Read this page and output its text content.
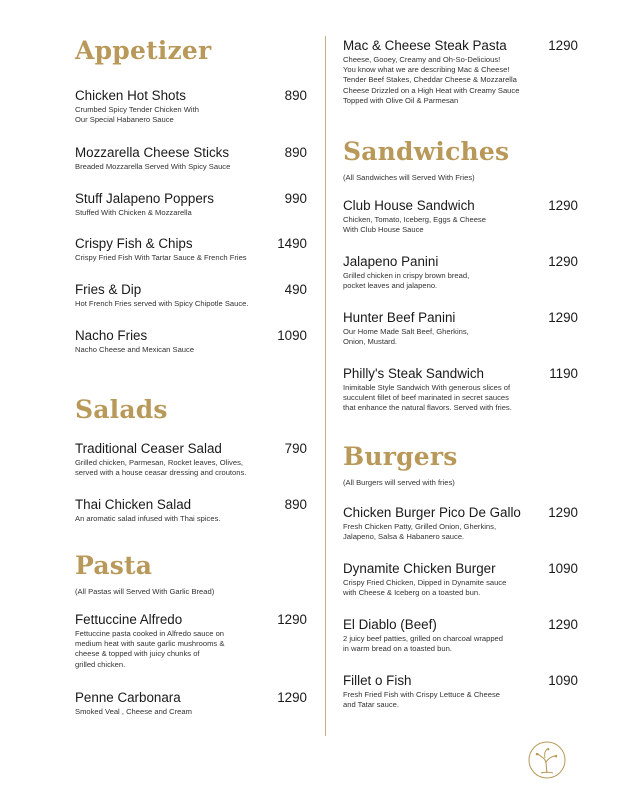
Appetizer
Chicken Hot Shots	890
Crumbed Spicy Tender Chicken With
Our Special Habanero Sauce
Mozzarella Cheese Sticks	890
Breaded Mozzarella Served With Spicy Sauce
Stuff Jalapeno Poppers	990
Stuffed With Chicken & Mozzarella
Crispy Fish & Chips	1490
Crispy Fried Fish With Tartar Sauce & French Fries
Fries & Dip	490
Hot French Fries served with Spicy Chipotle Sauce.
Nacho Fries	1090
Nacho Cheese and Mexican Sauce
Salads
Traditional Ceaser Salad	790
Grilled chicken, Parmesan, Rocket leaves, Olives,
served with a house ceasar dressing and croutons.
Thai Chicken Salad	890
An aromatic salad infused with Thai spices.
Pasta
(All Pastas will Served With Garlic Bread)
Fettuccine Alfredo	1290
Fettuccine pasta cooked in Alfredo sauce on
medium heat with saute garlic mushrooms &
cheese & topped with juicy chunks of
grilled chicken.
Penne Carbonara	1290
Smoked Veal , Cheese and Cream
Mac & Cheese Steak Pasta	1290
Cheese, Gooey, Creamy and Oh-So-Delicious!
You know what we are describing Mac & Cheese!
Tender Beef Stakes, Cheddar Cheese & Mozzarella
Cheese Drizzled on a High Heat with Creamy Sauce
Topped with Olive Oil & Parmesan
Sandwiches
(All Sandwiches will Served With Fries)
Club House Sandwich	1290
Chicken, Tomato, Iceberg, Eggs & Cheese
With Club House Sauce
Jalapeno Panini	1290
Grilled chicken in crispy brown bread,
pocket leaves and jalapeno.
Hunter Beef Panini	1290
Our Home Made Salt Beef, Gherkins,
Onion, Mustard.
Philly's Steak Sandwich	1190
Inimitable Style Sandwich With generous slices of
succulent fillet of beef marinated in secret sauces
that enhance the natural flavors. Served with fries.
Burgers
(All Burgers will served with fries)
Chicken Burger Pico De Gallo 1290
Fresh Chicken Patty, Grilled Onion, Gherkins,
Jalapeno, Salsa & Habanero sauce.
Dynamite Chicken Burger	1090
Crispy Fried Chicken, Dipped in Dynamite sauce
with Cheese & Iceberg on a toasted bun.
El Diablo (Beef)	1290
2 juicy beef patties, grilled on charcoal wrapped
in warm bread on a toasted bun.
Fillet o Fish	1090
Fresh Fried Fish with Crispy Lettuce & Cheese
and Tatar sauce.
